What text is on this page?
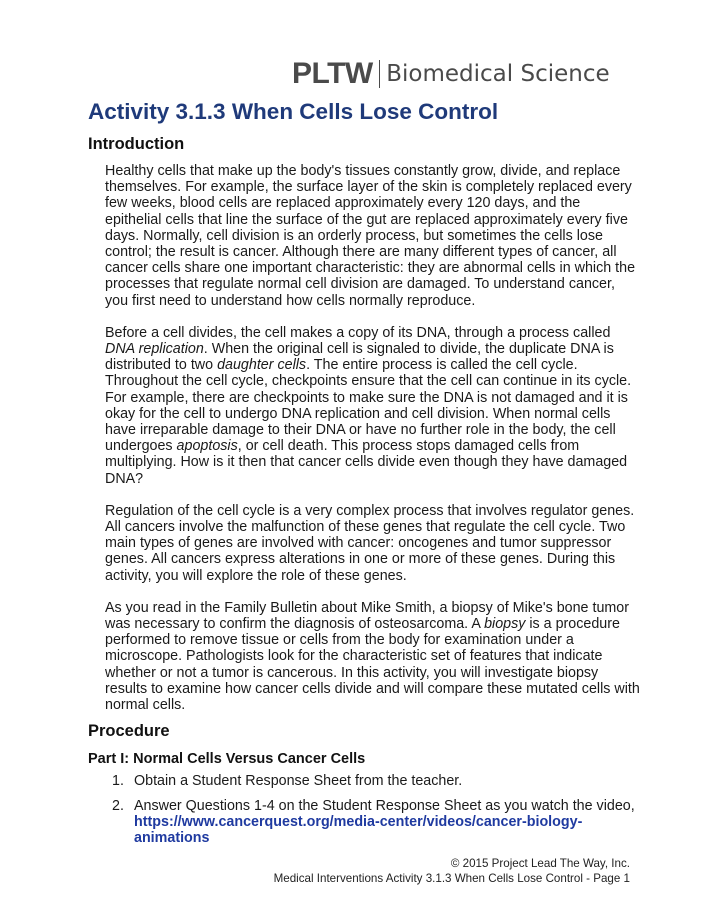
PLTW Biomedical Science
Activity 3.1.3 When Cells Lose Control
Introduction

Healthy cells that make up the body's tissues constantly grow, divide, and replace themselves. For example, the surface layer of the skin is completely replaced every few weeks, blood cells are replaced approximately every 120 days, and the epithelial cells that line the surface of the gut are replaced approximately every five days. Normally, cell division is an orderly process, but sometimes the cells lose control; the result is cancer. Although there are many different types of cancer, all cancer cells share one important characteristic: they are abnormal cells in which the processes that regulate normal cell division are damaged. To understand cancer, you first need to understand how cells normally reproduce.

Before a cell divides, the cell makes a copy of its DNA, through a process called DNA replication. When the original cell is signaled to divide, the duplicate DNA is distributed to two daughter cells. The entire process is called the cell cycle. Throughout the cell cycle, checkpoints ensure that the cell can continue in its cycle. For example, there are checkpoints to make sure the DNA is not damaged and it is okay for the cell to undergo DNA replication and cell division. When normal cells have irreparable damage to their DNA or have no further role in the body, the cell undergoes apoptosis, or cell death. This process stops damaged cells from multiplying. How is it then that cancer cells divide even though they have damaged DNA?

Regulation of the cell cycle is a very complex process that involves regulator genes. All cancers involve the malfunction of these genes that regulate the cell cycle. Two main types of genes are involved with cancer: oncogenes and tumor suppressor genes. All cancers express alterations in one or more of these genes. During this activity, you will explore the role of these genes.

As you read in the Family Bulletin about Mike Smith, a biopsy of Mike's bone tumor was necessary to confirm the diagnosis of osteosarcoma. A biopsy is a procedure performed to remove tissue or cells from the body for examination under a microscope. Pathologists look for the characteristic set of features that indicate whether or not a tumor is cancerous. In this activity, you will investigate biopsy results to examine how cancer cells divide and will compare these mutated cells with normal cells.

Procedure
Part I: Normal Cells Versus Cancer Cells
1. Obtain a Student Response Sheet from the teacher.
2. Answer Questions 1-4 on the Student Response Sheet as you watch the video, https://www.cancerquest.org/media-center/videos/cancer-biology-animations
© 2015 Project Lead The Way, Inc.
Medical Interventions Activity 3.1.3 When Cells Lose Control - Page 1
